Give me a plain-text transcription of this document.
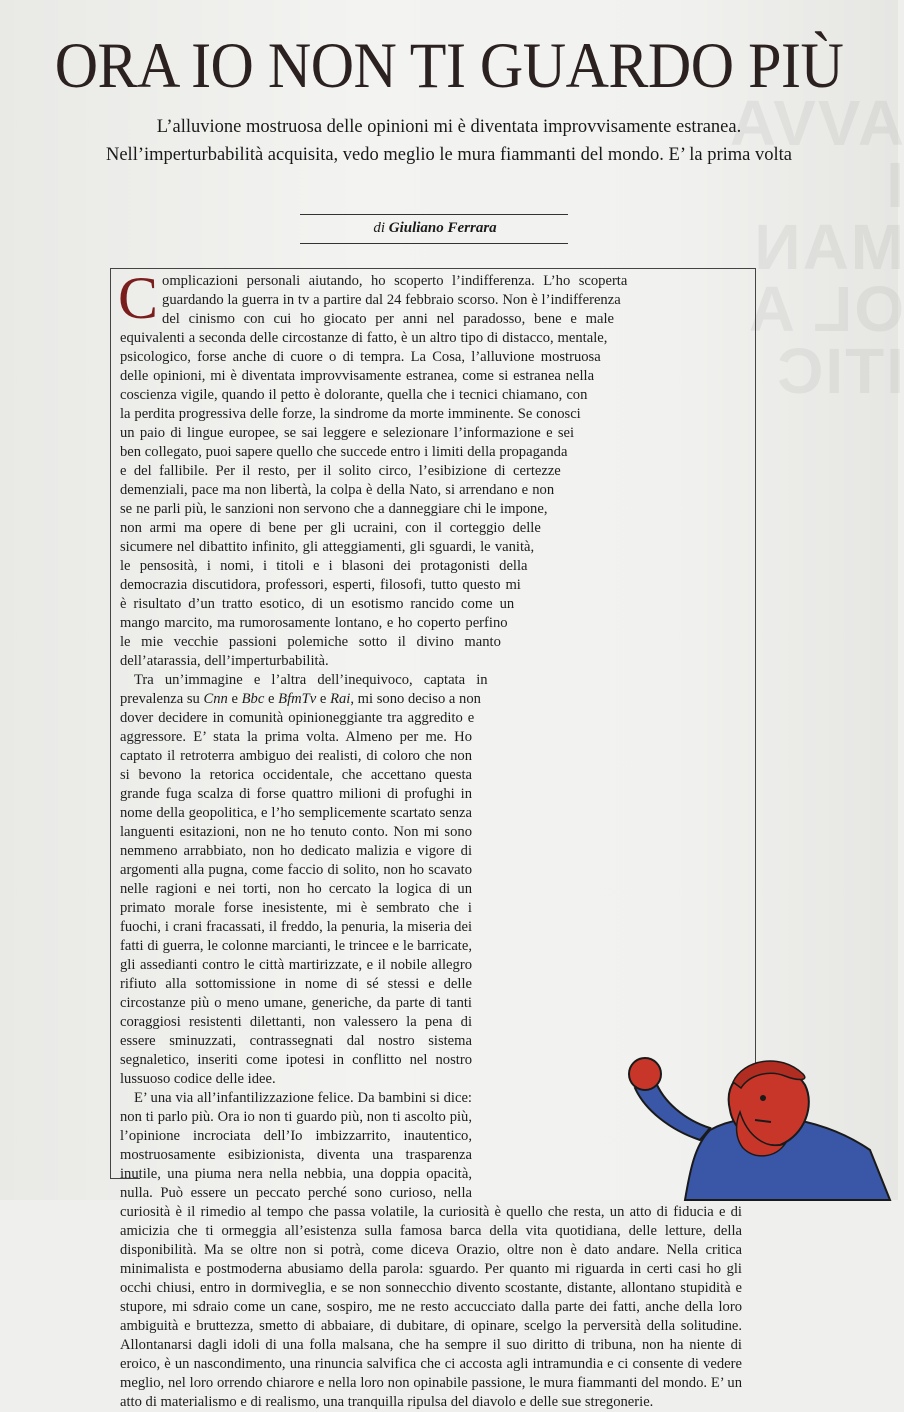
AVVA
I MAN
OL A
ITIC
ORA IO NON TI GUARDO PIÙ
L’alluvione mostruosa delle opinioni mi è diventata improvvisamente estranea.
Nell’imperturbabilità acquisita, vedo meglio le mura fiammanti del mondo. E’ la prima volta
di Giuliano Ferrara

Complicazioni personali aiutando, ho scoperto l’indifferenza. L’ho scoperta guardando la guerra in tv a partire dal 24 febbraio scorso. Non è l’indifferenza del cinismo con cui ho giocato per anni nel paradosso, bene e male equivalenti a seconda delle circostanze di fatto, è un altro tipo di distacco, mentale, psicologico, forse anche di cuore o di tempra. La Cosa, l’alluvione mostruosa delle opinioni, mi è diventata improvvisamente estranea, come si estranea nella coscienza vigile, quando il petto è dolorante, quella che i tecnici chiamano, con la perdita progressiva delle forze, la sindrome da morte imminente. Se conosci un paio di lingue europee, se sai leggere e selezionare l’informazione e sei ben collegato, puoi sapere quello che succede entro i limiti della propaganda e del fallibile. Per il resto, per il solito circo, l’esibizione di certezze demenziali, pace ma non libertà, la colpa è della Nato, si arrendano e non se ne parli più, le sanzioni non servono che a danneggiare chi le impone, non armi ma opere di bene per gli ucraini, con il corteggio delle sicumere nel dibattito infinito, gli atteggiamenti, gli sguardi, le vanità, le pensosità, i nomi, i titoli e i blasoni dei protagonisti della democrazia discutidora, professori, esperti, filosofi, tutto questo mi è risultato d’un tratto esotico, di un esotismo rancido come un mango marcito, ma rumorosamente lontano, e ho coperto perfino le mie vecchie passioni polemiche sotto il divino manto dell’atarassia, dell’imperturbabilità.

Tra un’immagine e l’altra dell’inequivoco, captata in prevalenza su Cnn e Bbc e BfmTv e Rai, mi sono deciso a non dover decidere in comunità opinioneggiante tra aggredito e aggressore. E’ stata la prima volta. Almeno per me. Ho captato il retroterra ambiguo dei realisti, di coloro che non si bevono la retorica occidentale, che accettano questa grande fuga scalza di forse quattro milioni di profughi in nome della geopolitica, e l’ho semplicemente scartato senza languenti esitazioni, non ne ho tenuto conto. Non mi sono nemmeno arrabbiato, non ho dedicato malizia e vigore di argomenti alla pugna, come faccio di solito, non ho scavato nelle ragioni e nei torti, non ho cercato la logica di un primato morale forse inesistente, mi è sembrato che i fuochi, i crani fracassati, il freddo, la penuria, la miseria dei fatti di guerra, le colonne marcianti, le trincee e le barricate, gli assedianti contro le città martirizzate, e il nobile allegro rifiuto alla sottomissione in nome di sé stessi e delle circostanze più o meno umane, generiche, da parte di tanti coraggiosi resistenti dilettanti, non valessero la pena di essere sminuzzati, contrassegnati dal nostro sistema segnaletico, inseriti come ipotesi in conflitto nel nostro lussuoso codice delle idee.

E’ una via all’infantilizzazione felice. Da bambini si dice: non ti parlo più. Ora io non ti guardo più, non ti ascolto più, l’opinione incrociata dell’Io imbizzarrito, inautentico, mostruosamente esibizionista, diventa una trasparenza inutile, una piuma nera nella nebbia, una doppia opacità, nulla. Può essere un peccato perché sono curioso, nella curiosità è il rimedio al tempo che passa volatile, la curiosità è quello che resta, un atto di fiducia e di amicizia che ti ormeggia all’esistenza sulla famosa barca della vita quotidiana, delle letture, della disponibilità. Ma se oltre non si potrà, come diceva Orazio, oltre non è dato andare. Nella critica minimalista e postmoderna abusiamo della parola: sguardo. Per quanto mi riguarda in certi casi ho gli occhi chiusi, entro in dormiveglia, e se non sonnecchio divento scostante, distante, allontano stupidità e stupore, mi sdraio come un cane, sospiro, me ne resto accucciato dalla parte dei fatti, anche della loro ambiguità e bruttezza, smetto di abbaiare, di dubitare, di opinare, scelgo la perversità della solitudine. Allontanarsi dagli idoli di una folla malsana, che ha sempre il suo diritto di tribuna, non ha niente di eroico, è un nascondimento, una rinuncia salvifica che ci accosta agli intramundia e ci consente di vedere meglio, nel loro orrendo chiarore e nella loro non opinabile passione, le mura fiammanti del mondo. E’ un atto di materialismo e di realismo, una tranquilla ripulsa del diavolo e delle sue stregonerie.
